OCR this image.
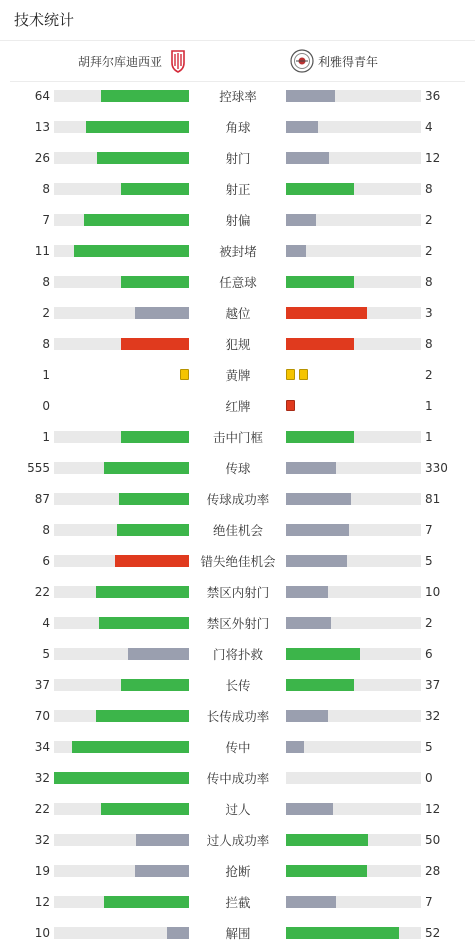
技术统计
胡拜尔库迪西亚	利雅得青年
64	控球率	36
13	角球	4
26	射门	12
8	射正	8
7	射偏	2
11	被封堵	2
8	任意球	8
2	越位	3
8	犯规	8
1	黄牌	2
0	红牌	1
1	击中门框	1
555	传球	330
87	传球成功率	81
8	绝佳机会	7
6	错失绝佳机会	5
22	禁区内射门	10
4	禁区外射门	2
5	门将扑救	6
37	长传	37
70	长传成功率	32
34	传中	5
32	传中成功率	0
22	过人	12
32	过人成功率	50
19	抢断	28
12	拦截	7
10	解围	52
